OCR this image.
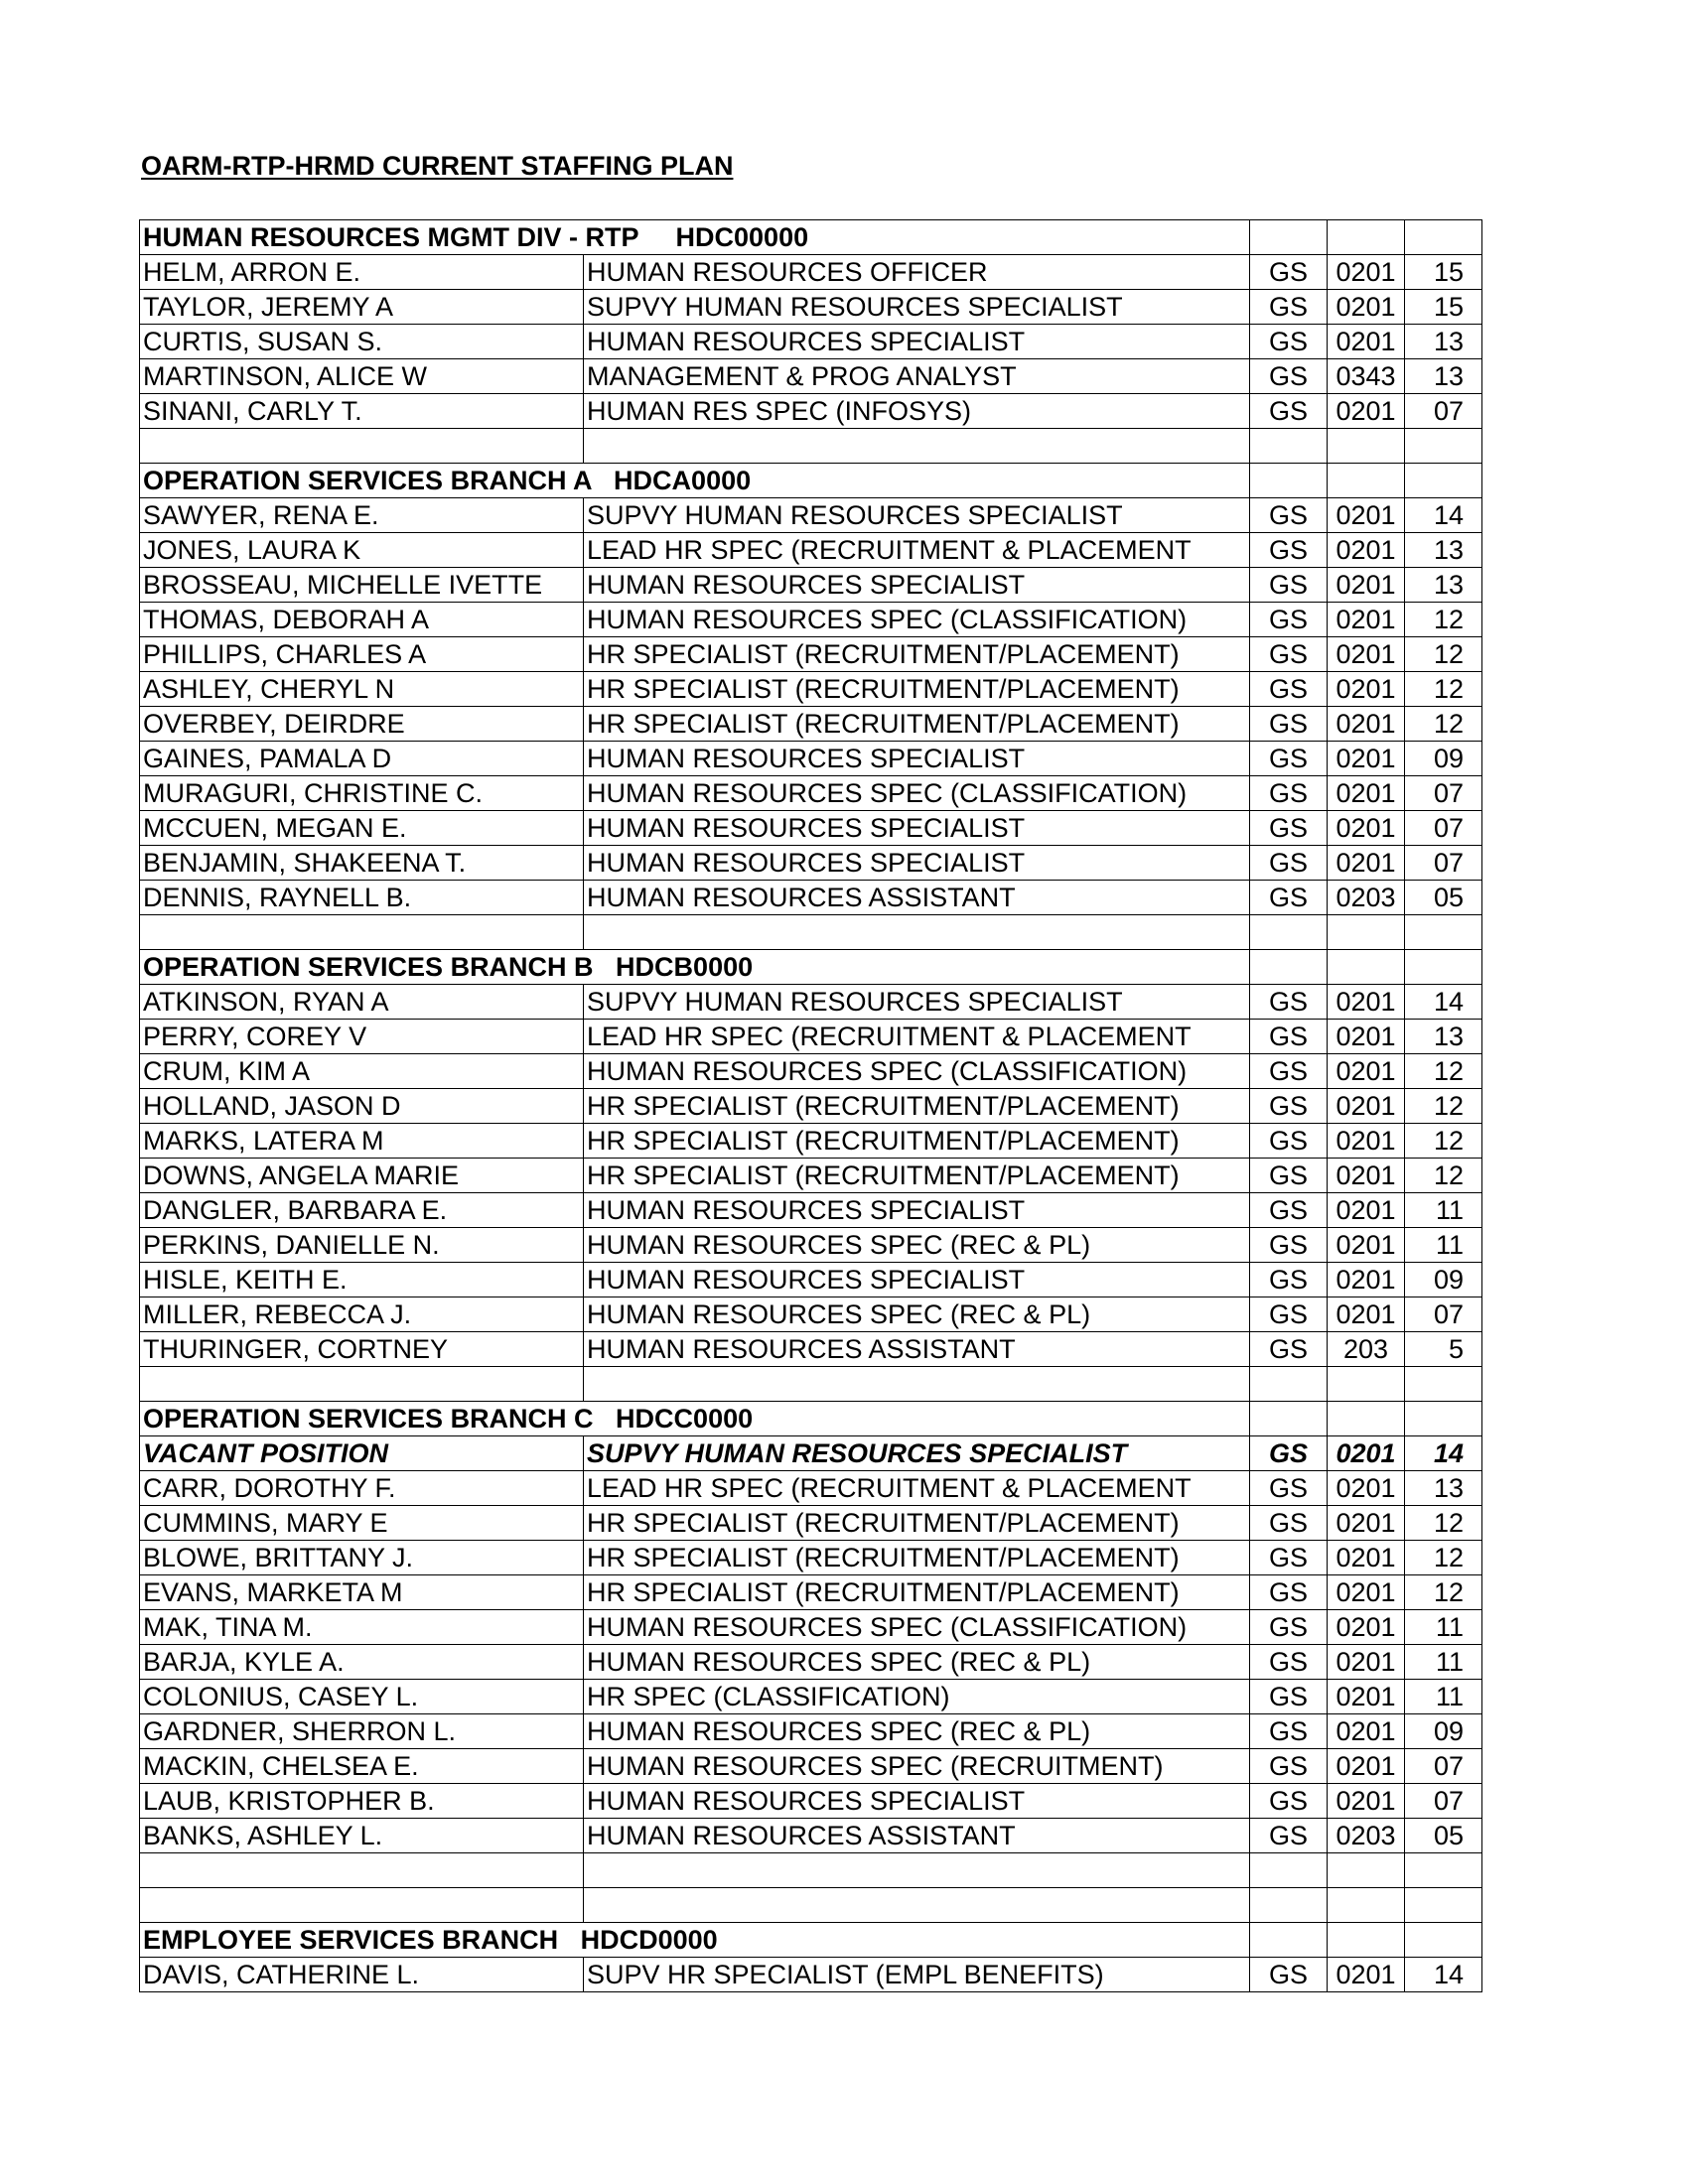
OARM-RTP-HRMD CURRENT STAFFING PLAN
HUMAN RESOURCES MGMT DIV - RTP     HDC00000				
HELM, ARRON E.	HUMAN RESOURCES OFFICER	GS	0201	15
TAYLOR, JEREMY A	SUPVY HUMAN RESOURCES SPECIALIST	GS	0201	15
CURTIS, SUSAN S.	HUMAN RESOURCES SPECIALIST	GS	0201	13
MARTINSON, ALICE W	MANAGEMENT & PROG ANALYST	GS	0343	13
SINANI, CARLY T.	HUMAN RES SPEC (INFOSYS)	GS	0201	07

OPERATION SERVICES BRANCH A   HDCA0000				
SAWYER, RENA E.	SUPVY HUMAN RESOURCES SPECIALIST	GS	0201	14
JONES, LAURA K	LEAD HR SPEC (RECRUITMENT & PLACEMENT	GS	0201	13
BROSSEAU, MICHELLE IVETTE	HUMAN RESOURCES SPECIALIST	GS	0201	13
THOMAS, DEBORAH A	HUMAN RESOURCES SPEC (CLASSIFICATION)	GS	0201	12
PHILLIPS, CHARLES A	HR SPECIALIST (RECRUITMENT/PLACEMENT)	GS	0201	12
ASHLEY, CHERYL N	HR SPECIALIST (RECRUITMENT/PLACEMENT)	GS	0201	12
OVERBEY, DEIRDRE	HR SPECIALIST (RECRUITMENT/PLACEMENT)	GS	0201	12
GAINES, PAMALA D	HUMAN RESOURCES SPECIALIST	GS	0201	09
MURAGURI, CHRISTINE C.	HUMAN RESOURCES SPEC (CLASSIFICATION)	GS	0201	07
MCCUEN, MEGAN E.	HUMAN RESOURCES SPECIALIST	GS	0201	07
BENJAMIN, SHAKEENA T.	HUMAN RESOURCES SPECIALIST	GS	0201	07
DENNIS, RAYNELL B.	HUMAN RESOURCES ASSISTANT	GS	0203	05

OPERATION SERVICES BRANCH B   HDCB0000				
ATKINSON, RYAN A	SUPVY HUMAN RESOURCES SPECIALIST	GS	0201	14
PERRY, COREY V	LEAD HR SPEC (RECRUITMENT & PLACEMENT	GS	0201	13
CRUM, KIM A	HUMAN RESOURCES SPEC (CLASSIFICATION)	GS	0201	12
HOLLAND, JASON D	HR SPECIALIST (RECRUITMENT/PLACEMENT)	GS	0201	12
MARKS, LATERA M	HR SPECIALIST (RECRUITMENT/PLACEMENT)	GS	0201	12
DOWNS, ANGELA MARIE	HR SPECIALIST (RECRUITMENT/PLACEMENT)	GS	0201	12
DANGLER, BARBARA E.	HUMAN RESOURCES SPECIALIST	GS	0201	11
PERKINS, DANIELLE N.	HUMAN RESOURCES SPEC (REC & PL)	GS	0201	11
HISLE, KEITH E.	HUMAN RESOURCES SPECIALIST	GS	0201	09
MILLER, REBECCA J.	HUMAN RESOURCES SPEC (REC & PL)	GS	0201	07
THURINGER, CORTNEY	HUMAN RESOURCES ASSISTANT	GS	203	5

OPERATION SERVICES BRANCH C   HDCC0000				
VACANT POSITION	SUPVY HUMAN RESOURCES SPECIALIST	GS	0201	14
CARR, DOROTHY F.	LEAD HR SPEC (RECRUITMENT & PLACEMENT	GS	0201	13
CUMMINS, MARY E	HR SPECIALIST (RECRUITMENT/PLACEMENT)	GS	0201	12
BLOWE, BRITTANY J.	HR SPECIALIST (RECRUITMENT/PLACEMENT)	GS	0201	12
EVANS, MARKETA M	HR SPECIALIST (RECRUITMENT/PLACEMENT)	GS	0201	12
MAK, TINA M.	HUMAN RESOURCES SPEC (CLASSIFICATION)	GS	0201	11
BARJA, KYLE A.	HUMAN RESOURCES SPEC (REC & PL)	GS	0201	11
COLONIUS, CASEY L.	HR SPEC (CLASSIFICATION)	GS	0201	11
GARDNER, SHERRON L.	HUMAN RESOURCES SPEC (REC & PL)	GS	0201	09
MACKIN, CHELSEA E.	HUMAN RESOURCES SPEC (RECRUITMENT)	GS	0201	07
LAUB, KRISTOPHER B.	HUMAN RESOURCES SPECIALIST	GS	0201	07
BANKS, ASHLEY L.	HUMAN RESOURCES ASSISTANT	GS	0203	05

EMPLOYEE SERVICES BRANCH   HDCD0000				
DAVIS, CATHERINE L.	SUPV HR SPECIALIST (EMPL BENEFITS)	GS	0201	14
